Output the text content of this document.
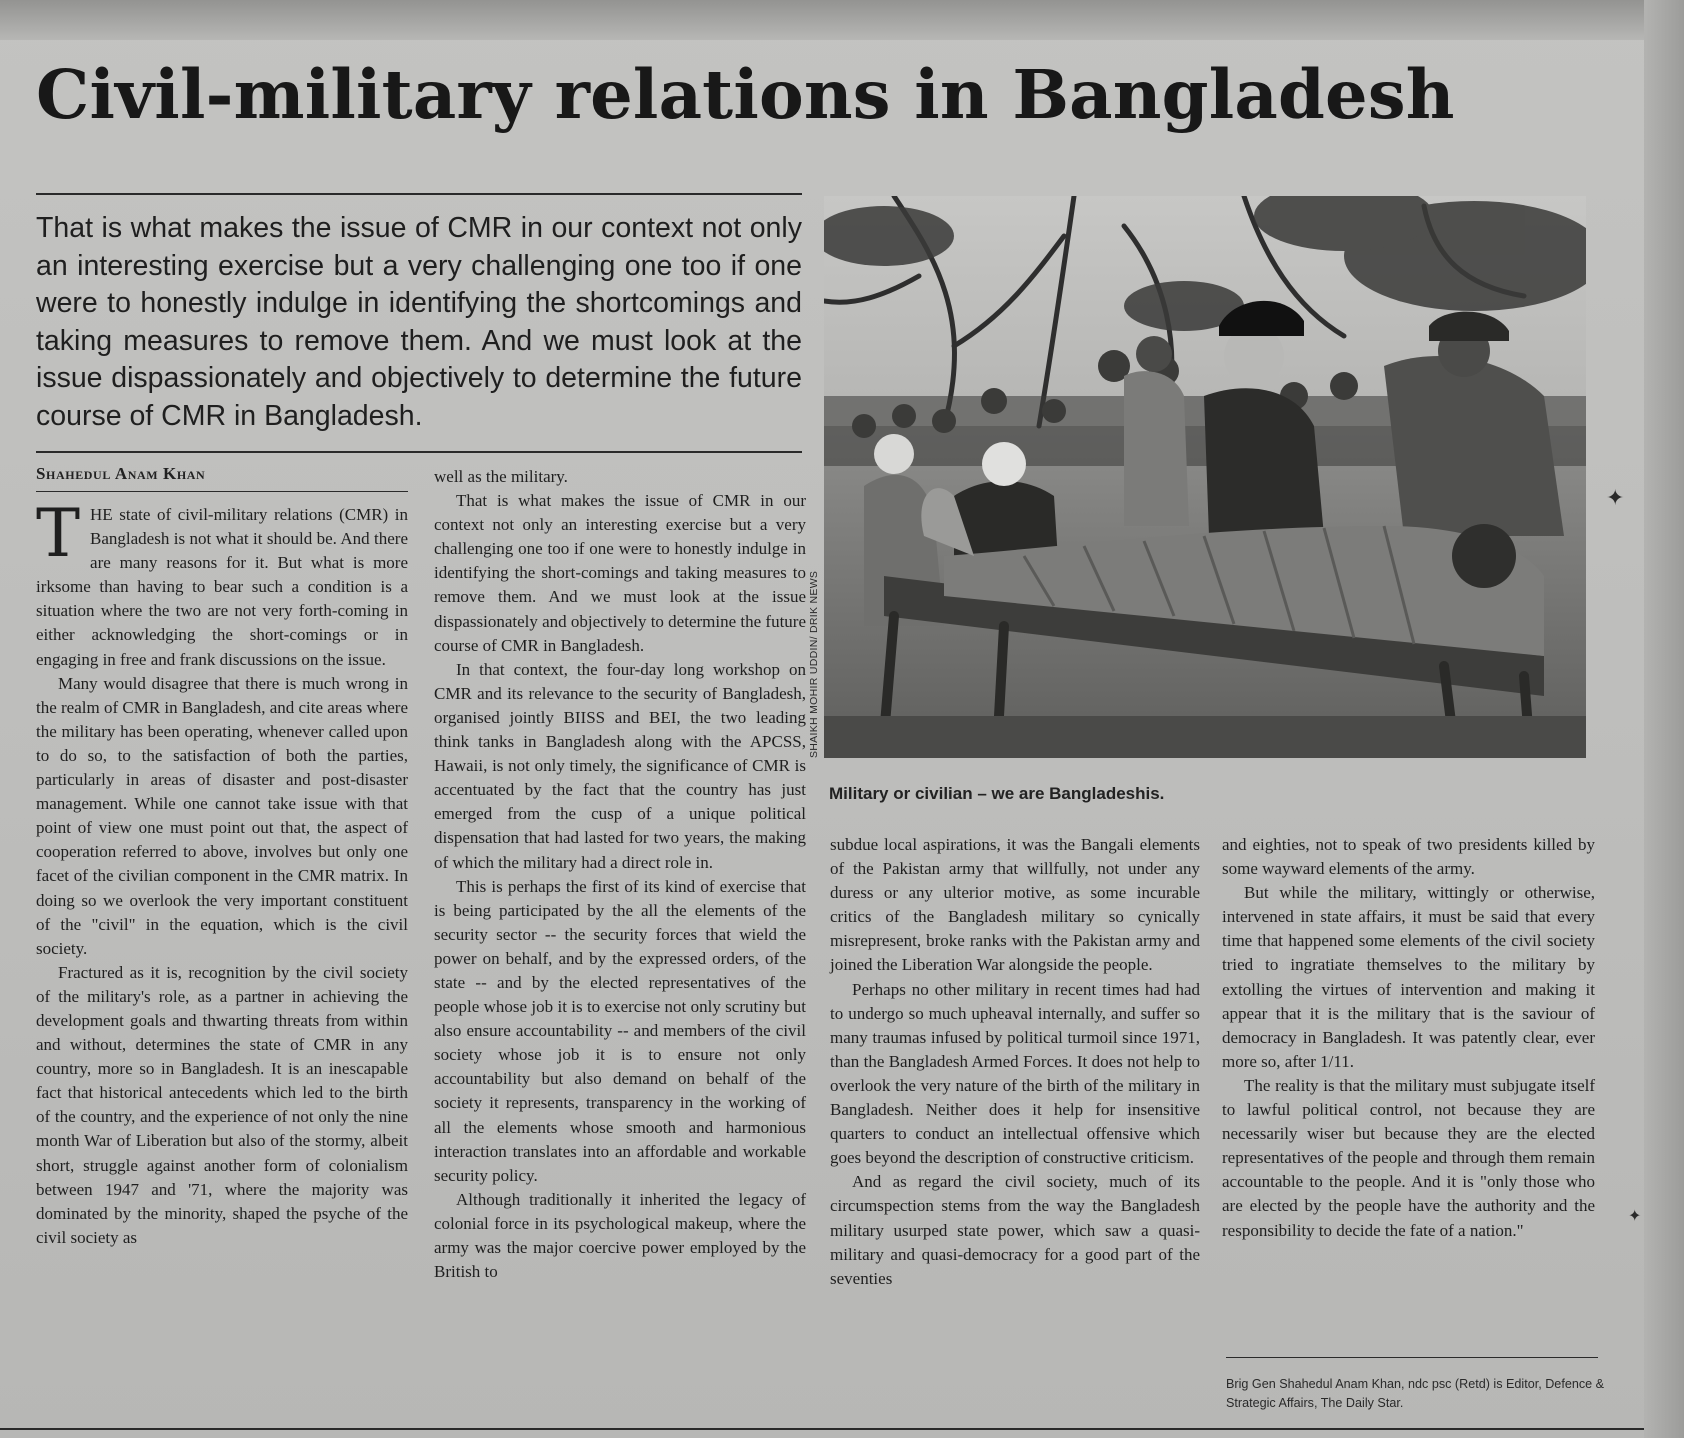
Civil-military relations in Bangladesh

That is what makes the issue of CMR in our context not only an interesting exercise but a very challenging one too if one were to honestly indulge in identifying the shortcomings and taking measures to remove them. And we must look at the issue dispassionately and objectively to determine the future course of CMR in Bangladesh.

Shahedul Anam Khan

THE state of civil-military relations (CMR) in Bangladesh is not what it should be. And there are many reasons for it. But what is more irksome than having to bear such a condition is a situation where the two are not very forth-coming in either acknowledging the short-comings or in engaging in free and frank discussions on the issue.

Many would disagree that there is much wrong in the realm of CMR in Bangladesh, and cite areas where the military has been operating, whenever called upon to do so, to the satisfaction of both the parties, particularly in areas of disaster and post-disaster management. While one cannot take issue with that point of view one must point out that, the aspect of cooperation referred to above, involves but only one facet of the civilian component in the CMR matrix. In doing so we overlook the very important constituent of the "civil" in the equation, which is the civil society.

Fractured as it is, recognition by the civil society of the military's role, as a partner in achieving the development goals and thwarting threats from within and without, determines the state of CMR in any country, more so in Bangladesh. It is an inescapable fact that historical antecedents which led to the birth of the country, and the experience of not only the nine month War of Liberation but also of the stormy, albeit short, struggle against another form of colonialism between 1947 and '71, where the majority was dominated by the minority, shaped the psyche of the civil society as

well as the military.

That is what makes the issue of CMR in our context not only an interesting exercise but a very challenging one too if one were to honestly indulge in identifying the short-comings and taking measures to remove them. And we must look at the issue dispassionately and objectively to determine the future course of CMR in Bangladesh.

In that context, the four-day long workshop on CMR and its relevance to the security of Bangladesh, organised jointly BIISS and BEI, the two leading think tanks in Bangladesh along with the APCSS, Hawaii, is not only timely, the significance of CMR is accentuated by the fact that the country has just emerged from the cusp of a unique political dispensation that had lasted for two years, the making of which the military had a direct role in.

This is perhaps the first of its kind of exercise that is being participated by the all the elements of the security sector -- the security forces that wield the power on behalf, and by the expressed orders, of the state -- and by the elected representatives of the people whose job it is to exercise not only scrutiny but also ensure accountability -- and members of the civil society whose job it is to ensure not only accountability but also demand on behalf of the society it represents, transparency in the working of all the elements whose smooth and harmonious interaction translates into an affordable and workable security policy.

Although traditionally it inherited the legacy of colonial force in its psychological makeup, where the army was the major coercive power employed by the British to

SHAIKH MOHIR UDDIN/ DRIK NEWS

Military or civilian – we are Bangladeshis.

subdue local aspirations, it was the Bangali elements of the Pakistan army that willfully, not under any duress or any ulterior motive, as some incurable critics of the Bangladesh military so cynically misrepresent, broke ranks with the Pakistan army and joined the Liberation War alongside the people.

Perhaps no other military in recent times had had to undergo so much upheaval internally, and suffer so many traumas infused by political turmoil since 1971, than the Bangladesh Armed Forces. It does not help to overlook the very nature of the birth of the military in Bangladesh. Neither does it help for insensitive quarters to conduct an intellectual offensive which goes beyond the description of constructive criticism.

And as regard the civil society, much of its circumspection stems from the way the Bangladesh military usurped state power, which saw a quasi-military and quasi-democracy for a good part of the seventies

and eighties, not to speak of two presidents killed by some wayward elements of the army.

But while the military, wittingly or otherwise, intervened in state affairs, it must be said that every time that happened some elements of the civil society tried to ingratiate themselves to the military by extolling the virtues of intervention and making it appear that it is the military that is the saviour of democracy in Bangladesh. It was patently clear, ever more so, after 1/11.

The reality is that the military must subjugate itself to lawful political control, not because they are necessarily wiser but because they are the elected representatives of the people and through them remain accountable to the people. And it is "only those who are elected by the people have the authority and the responsibility to decide the fate of a nation."

Brig Gen Shahedul Anam Khan, ndc psc (Retd) is Editor, Defence & Strategic Affairs, The Daily Star.
✦
✦
